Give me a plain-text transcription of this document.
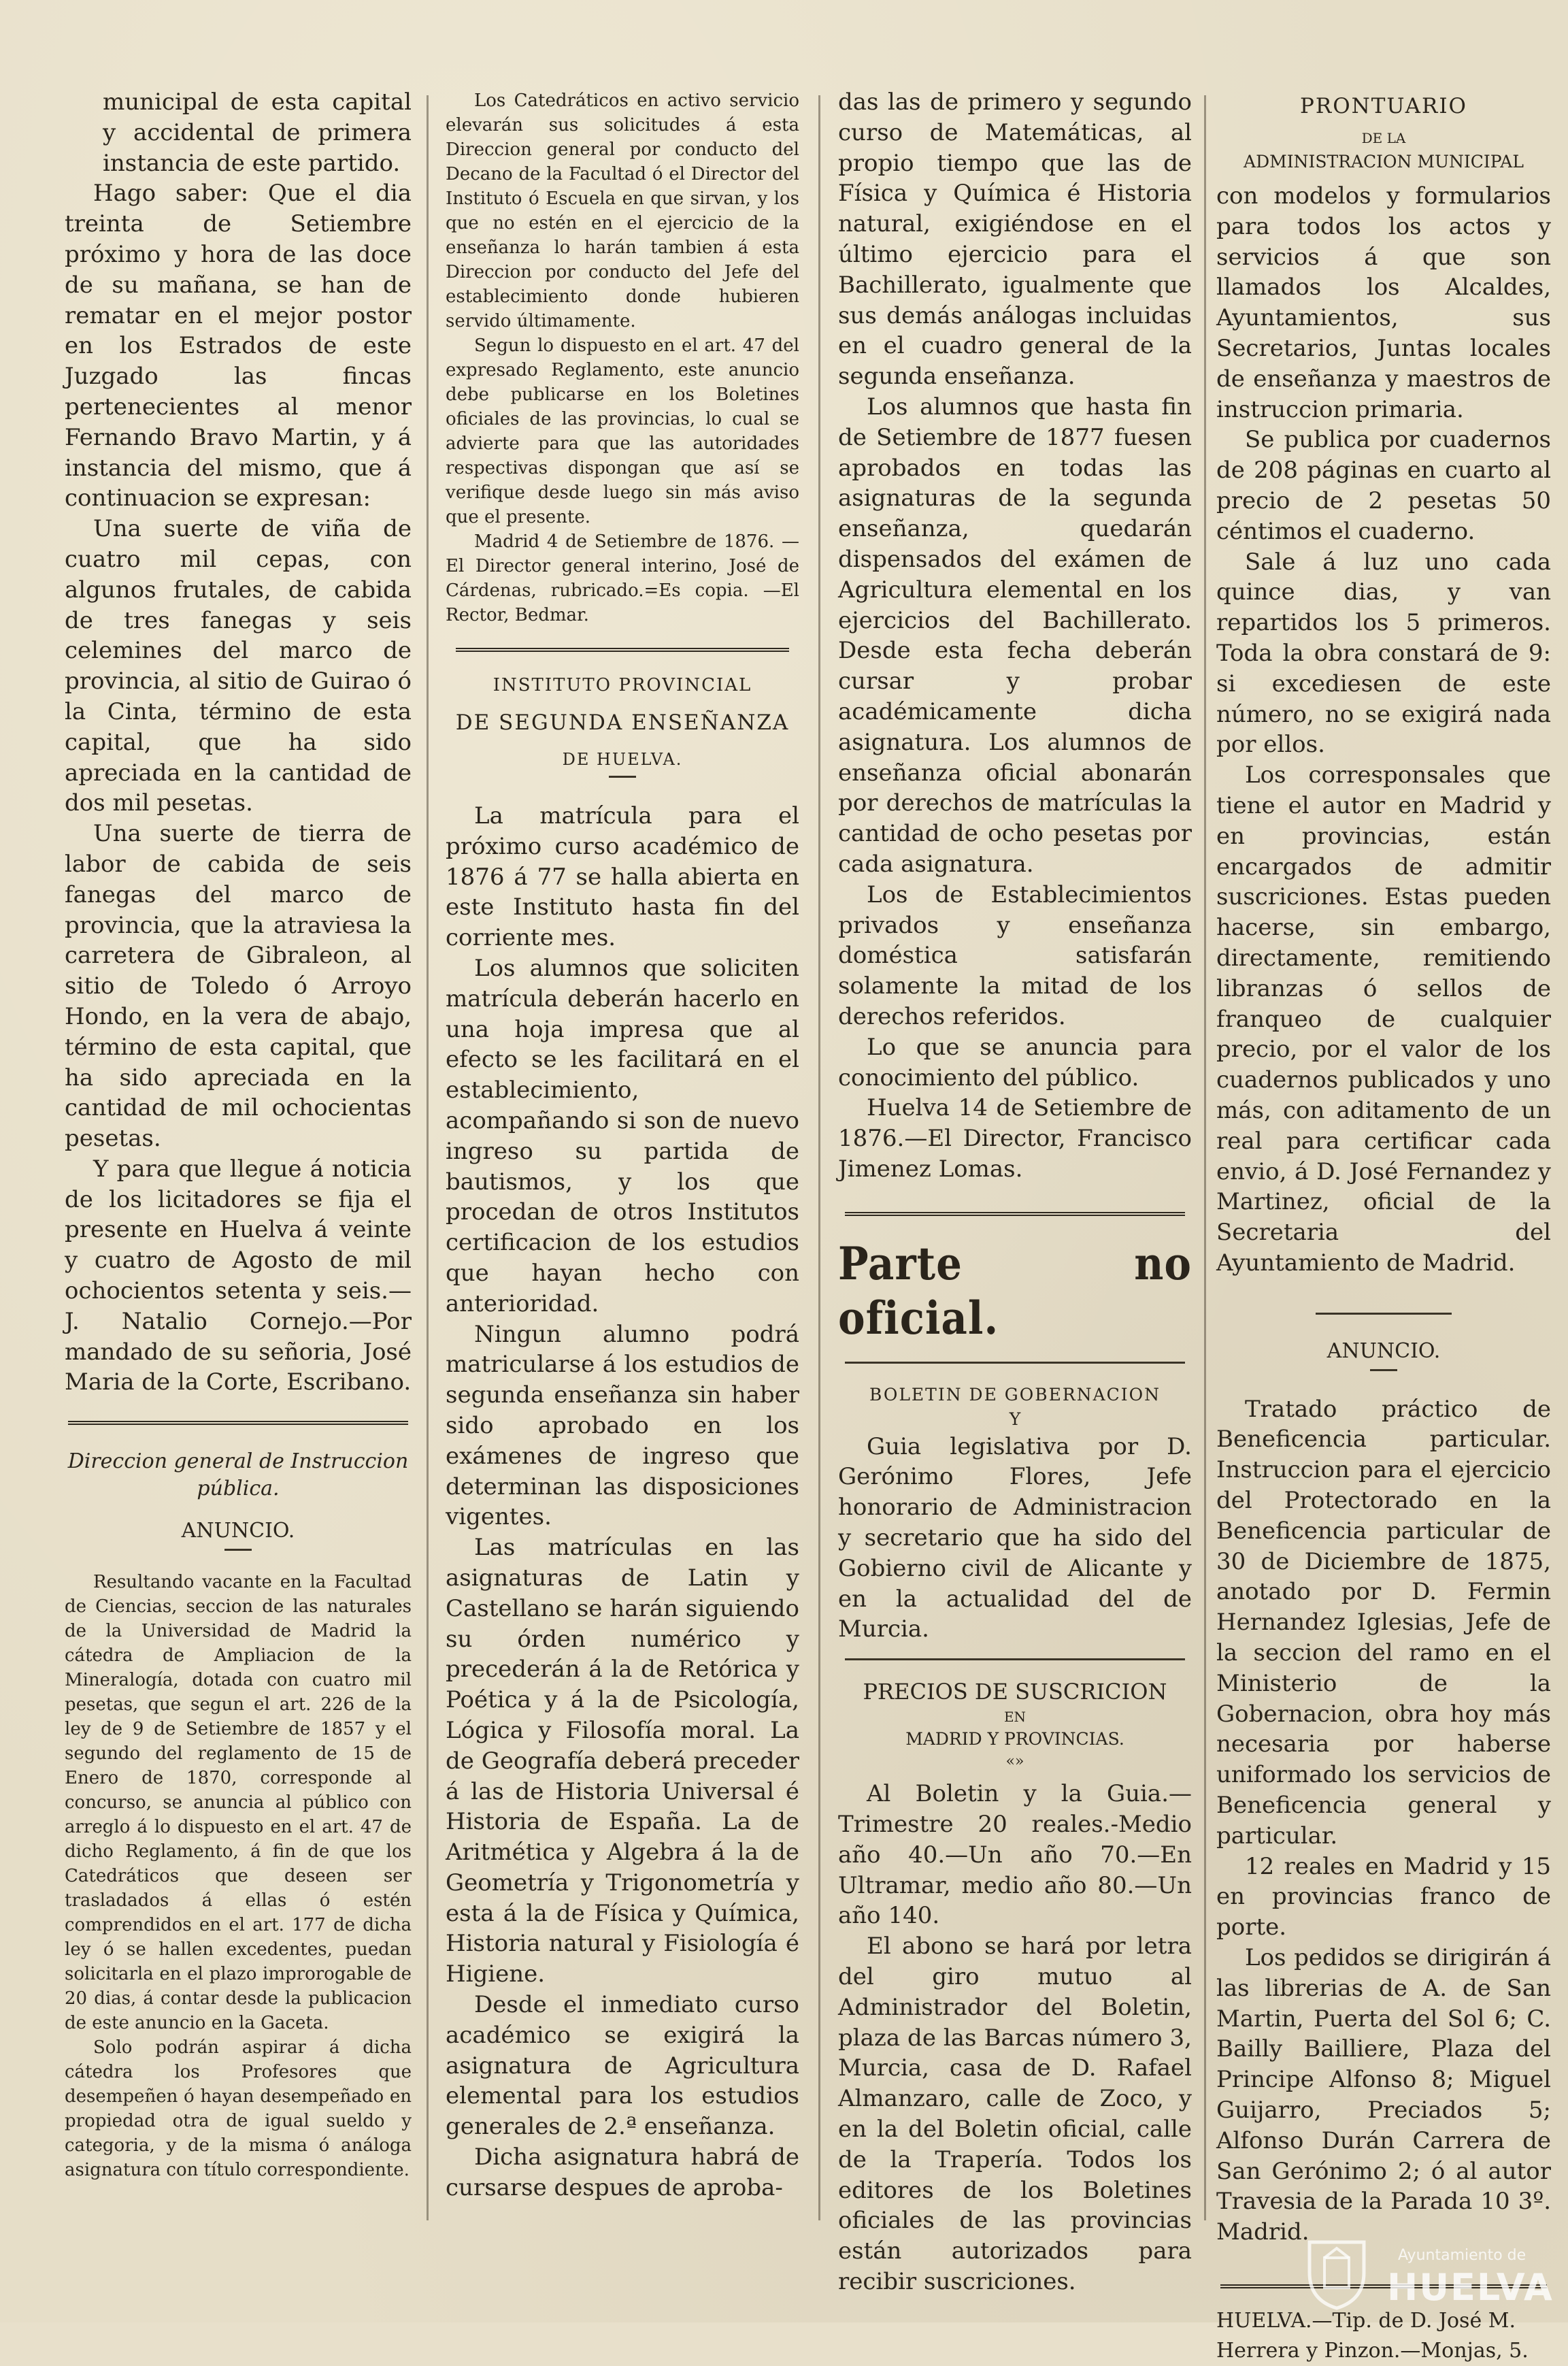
municipal de esta capital y accidental de primera instancia de este partido.

Hago saber: Que el dia treinta de Setiembre próximo y hora de las doce de su mañana, se han de rematar en el mejor postor en los Estrados de este Juzgado las fincas pertenecientes al menor Fernando Bravo Martin, y á instancia del mismo, que á continuacion se expresan:

Una suerte de viña de cuatro mil cepas, con algunos frutales, de cabida de tres fanegas y seis celemines del marco de provincia, al sitio de Guirao ó la Cinta, término de esta capital, que ha sido apreciada en la cantidad de dos mil pesetas.

Una suerte de tierra de labor de cabida de seis fanegas del marco de provincia, que la atraviesa la carretera de Gibraleon, al sitio de Toledo ó Arroyo Hondo, en la vera de abajo, término de esta capital, que ha sido apreciada en la cantidad de mil ochocientas pesetas.

Y para que llegue á noticia de los licitadores se fija el presente en Huelva á veinte y cuatro de Agosto de mil ochocientos setenta y seis.—J. Natalio Cornejo.—Por mandado de su señoria, José Maria de la Corte, Escribano.

Direccion general de Instruccion pública.

ANUNCIO.

Resultando vacante en la Facultad de Ciencias, seccion de las naturales de la Universidad de Madrid la cátedra de Ampliacion de la Mineralogía, dotada con cuatro mil pesetas, que segun el art. 226 de la ley de 9 de Setiembre de 1857 y el segundo del reglamento de 15 de Enero de 1870, corresponde al concurso, se anuncia al público con arreglo á lo dispuesto en el art. 47 de dicho Reglamento, á fin de que los Catedráticos que deseen ser trasladados á ellas ó estén comprendidos en el art. 177 de dicha ley ó se hallen excedentes, puedan solicitarla en el plazo improrogable de 20 dias, á contar desde la publicacion de este anuncio en la Gaceta.

Solo podrán aspirar á dicha cátedra los Profesores que desempeñen ó hayan desempeñado en propiedad otra de igual sueldo y categoria, y de la misma ó análoga asignatura con título correspondiente.

Los Catedráticos en activo servicio elevarán sus solicitudes á esta Direccion general por conducto del Decano de la Facultad ó el Director del Instituto ó Escuela en que sirvan, y los que no estén en el ejercicio de la enseñanza lo harán tambien á esta Direccion por conducto del Jefe del establecimiento donde hubieren servido últimamente.

Segun lo dispuesto en el art. 47 del expresado Reglamento, este anuncio debe publicarse en los Boletines oficiales de las provincias, lo cual se advierte para que las autoridades respectivas dispongan que así se verifique desde luego sin más aviso que el presente.

Madrid 4 de Setiembre de 1876. —El Director general interino, José de Cárdenas, rubricado.=Es copia. —El Rector, Bedmar.

INSTITUTO PROVINCIAL

DE SEGUNDA ENSEÑANZA

DE HUELVA.

La matrícula para el próximo curso académico de 1876 á 77 se halla abierta en este Instituto hasta fin del corriente mes.

Los alumnos que soliciten matrícula deberán hacerlo en una hoja impresa que al efecto se les facilitará en el establecimiento, acompañando si son de nuevo ingreso su partida de bautismos, y los que procedan de otros Institutos certificacion de los estudios que hayan hecho con anterioridad.

Ningun alumno podrá matricularse á los estudios de segunda enseñanza sin haber sido aprobado en los exámenes de ingreso que determinan las disposiciones vigentes.

Las matrículas en las asignaturas de Latin y Castellano se harán siguiendo su órden numérico y precederán á la de Retórica y Poética y á la de Psicología, Lógica y Filosofía moral. La de Geografía deberá preceder á las de Historia Universal é Historia de España. La de Aritmética y Algebra á la de Geometría y Trigonometría y esta á la de Física y Química, Historia natural y Fisiología é Higiene.

Desde el inmediato curso académico se exigirá la asignatura de Agricultura elemental para los estudios generales de 2.ª enseñanza.

Dicha asignatura habrá de cursarse despues de aproba-

das las de primero y segundo curso de Matemáticas, al propio tiempo que las de Física y Química é Historia natural, exigiéndose en el último ejercicio para el Bachillerato, igualmente que sus demás análogas incluidas en el cuadro general de la segunda enseñanza.

Los alumnos que hasta fin de Setiembre de 1877 fuesen aprobados en todas las asignaturas de la segunda enseñanza, quedarán dispensados del exámen de Agricultura elemental en los ejercicios del Bachillerato. Desde esta fecha deberán cursar y probar académicamente dicha asignatura. Los alumnos de enseñanza oficial abonarán por derechos de matrículas la cantidad de ocho pesetas por cada asignatura.

Los de Establecimientos privados y enseñanza doméstica satisfarán solamente la mitad de los derechos referidos.

Lo que se anuncia para conocimiento del público.

Huelva 14 de Setiembre de 1876.—El Director, Francisco Jimenez Lomas.

Parte no oficial.

BOLETIN DE GOBERNACION

Y

Guia legislativa por D. Gerónimo Flores, Jefe honorario de Administracion y secretario que ha sido del Gobierno civil de Alicante y en la actualidad del de Murcia.

PRECIOS DE SUSCRICION

EN

MADRID Y PROVINCIAS.

«»

Al Boletin y la Guia.—Trimestre 20 reales.-Medio año 40.—Un año 70.—En Ultramar, medio año 80.—Un año 140.

El abono se hará por letra del giro mutuo al Administrador del Boletin, plaza de las Barcas número 3, Murcia, casa de D. Rafael Almanzaro, calle de Zoco, y en la del Boletin oficial, calle de la Trapería. Todos los editores de los Boletines oficiales de las provincias están autorizados para recibir suscriciones.

PRONTUARIO

DE LA

ADMINISTRACION MUNICIPAL

con modelos y formularios para todos los actos y servicios á que son llamados los Alcaldes, Ayuntamientos, sus Secretarios, Juntas locales de enseñanza y maestros de instruccion primaria.

Se publica por cuadernos de 208 páginas en cuarto al precio de 2 pesetas 50 céntimos el cuaderno.

Sale á luz uno cada quince dias, y van repartidos los 5 primeros. Toda la obra constará de 9: si excediesen de este número, no se exigirá nada por ellos.

Los corresponsales que tiene el autor en Madrid y en provincias, están encargados de admitir suscriciones. Estas pueden hacerse, sin embargo, directamente, remitiendo libranzas ó sellos de franqueo de cualquier precio, por el valor de los cuadernos publicados y uno más, con aditamento de un real para certificar cada envio, á D. José Fernandez y Martinez, oficial de la Secretaria del Ayuntamiento de Madrid.

ANUNCIO.

Tratado práctico de Beneficencia particular. Instruccion para el ejercicio del Protectorado en la Beneficencia particular de 30 de Diciembre de 1875, anotado por D. Fermin Hernandez Iglesias, Jefe de la seccion del ramo en el Ministerio de la Gobernacion, obra hoy más necesaria por haberse uniformado los servicios de Beneficencia general y particular.

12 reales en Madrid y 15 en provincias franco de porte.

Los pedidos se dirigirán á las librerias de A. de San Martin, Puerta del Sol 6; C. Bailly Bailliere, Plaza del Principe Alfonso 8; Miguel Guijarro, Preciados 5; Alfonso Durán Carrera de San Gerónimo 2; ó al autor Travesia de la Parada 10 3º. Madrid.

HUELVA.—Tip. de D. José M. Herrera y Pinzon.—Monjas, 5.

Ayuntamiento de
HUELVA
